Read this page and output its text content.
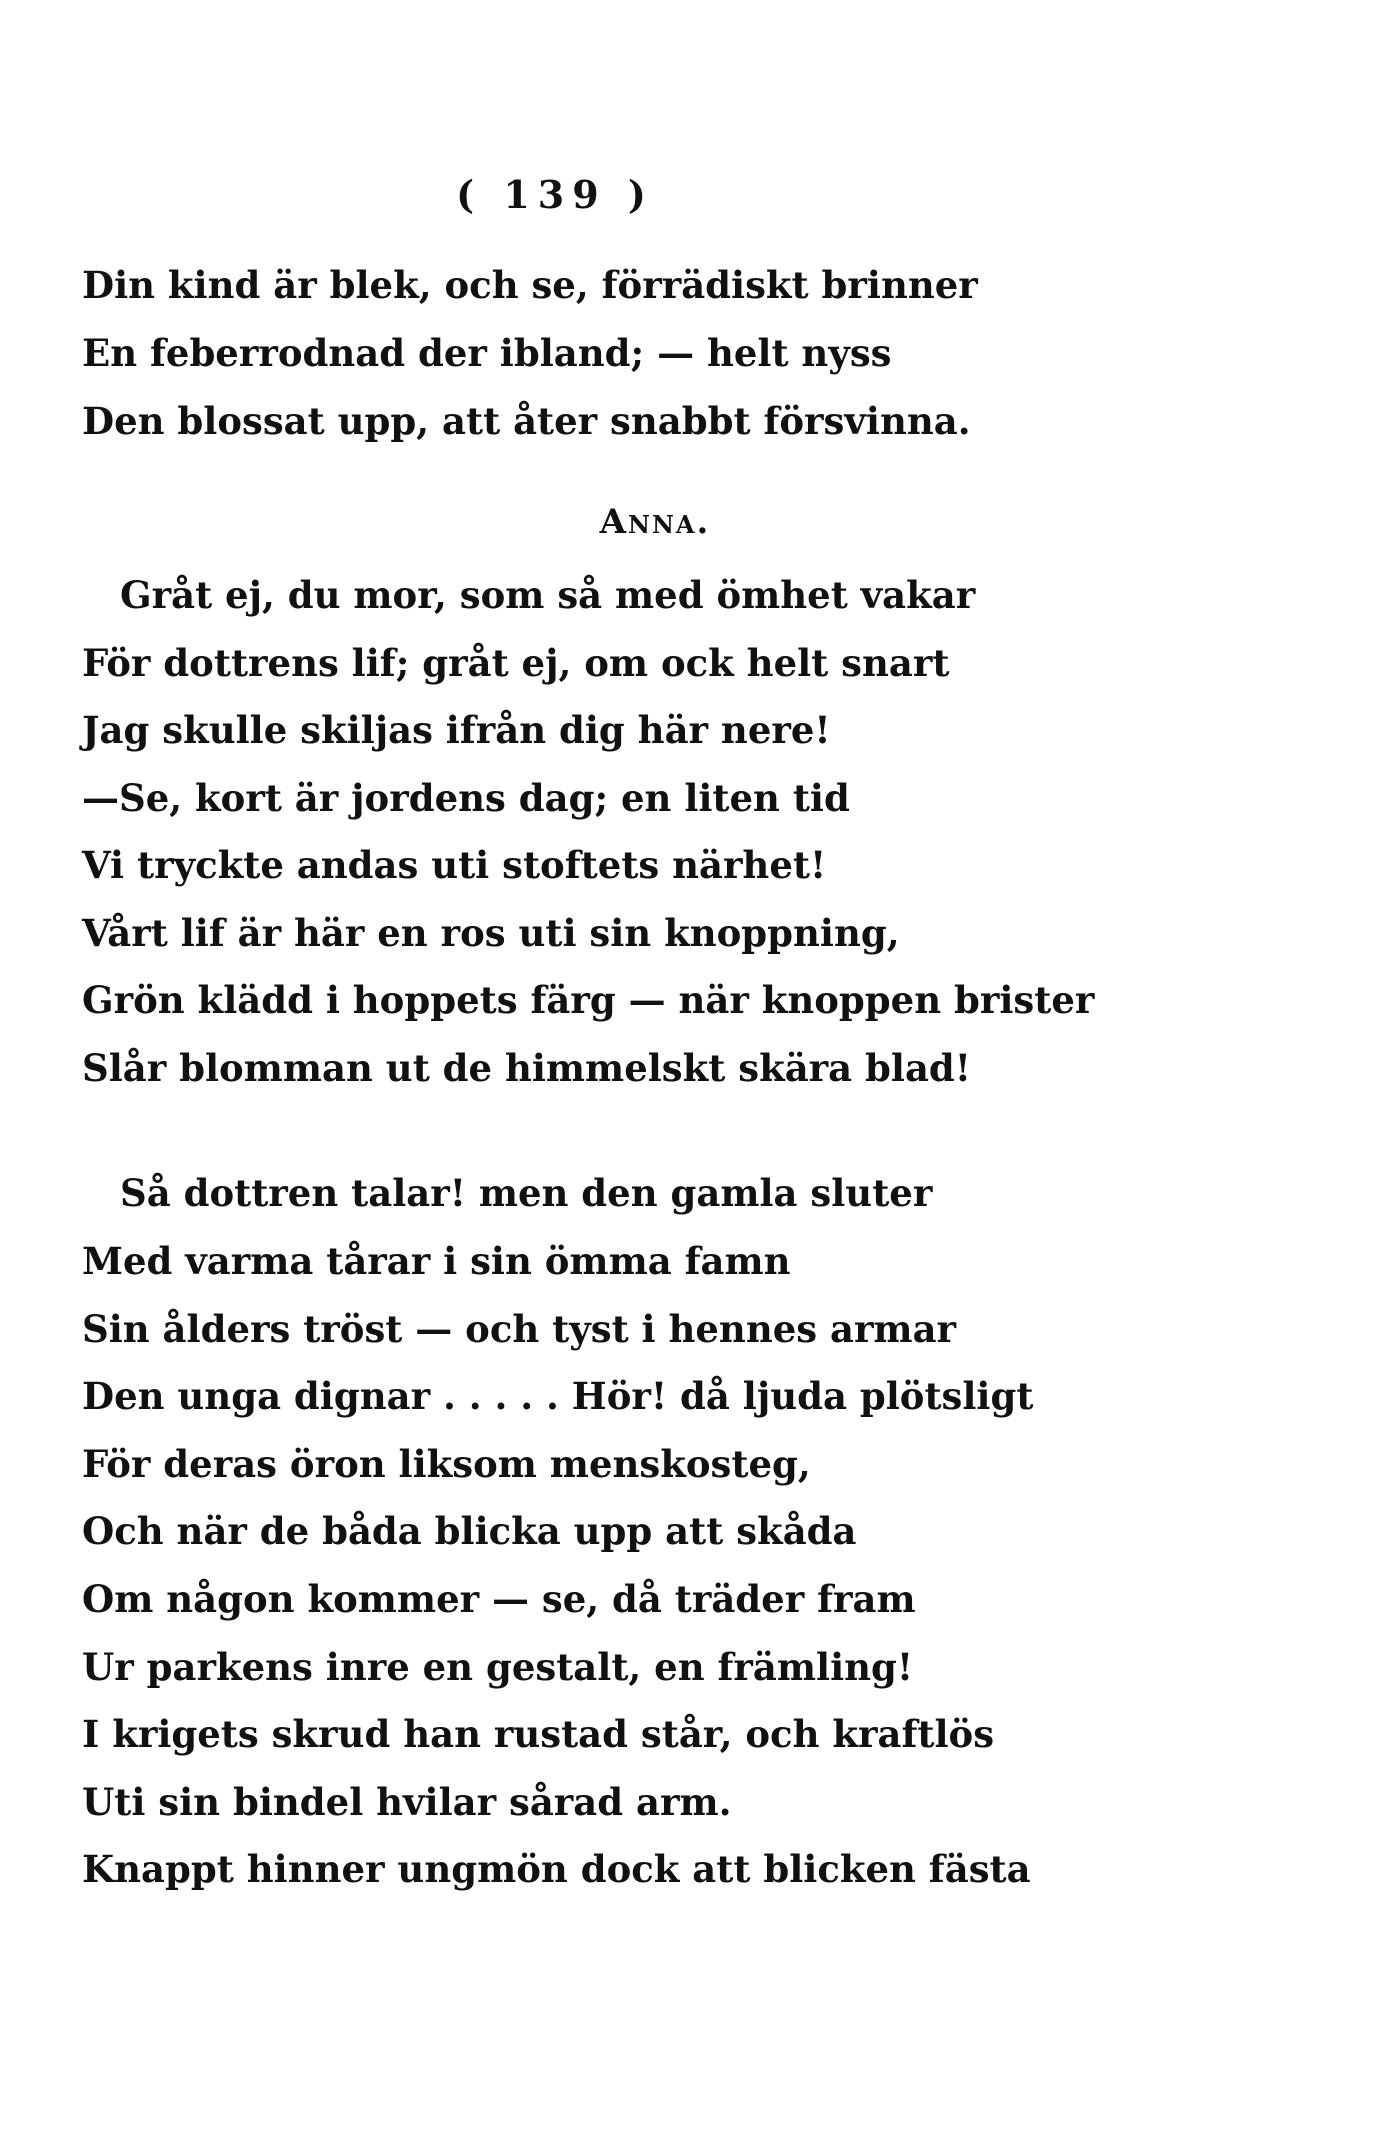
( 139 )
Din kind är blek, och se, förrädiskt brinner
En feberrodnad der ibland; — helt nyss
Den blossat upp, att åter snabbt försvinna.
Anna.
Gråt ej, du mor, som så med ömhet vakar
För dottrens lif; gråt ej, om ock helt snart
Jag skulle skiljas ifrån dig här nere!
—Se, kort är jordens dag; en liten tid
Vi tryckte andas uti stoftets närhet!
Vårt lif är här en ros uti sin knoppning,
Grön klädd i hoppets färg — när knoppen brister
Slår blomman ut de himmelskt skära blad!
Så dottren talar! men den gamla sluter
Med varma tårar i sin ömma famn
Sin ålders tröst — och tyst i hennes armar
Den unga dignar . . . . . Hör! då ljuda plötsligt
För deras öron liksom menskosteg,
Och när de båda blicka upp att skåda
Om någon kommer — se, då träder fram
Ur parkens inre en gestalt, en främling!
I krigets skrud han rustad står, och kraftlös
Uti sin bindel hvilar sårad arm.
Knappt hinner ungmön dock att blicken fästa
